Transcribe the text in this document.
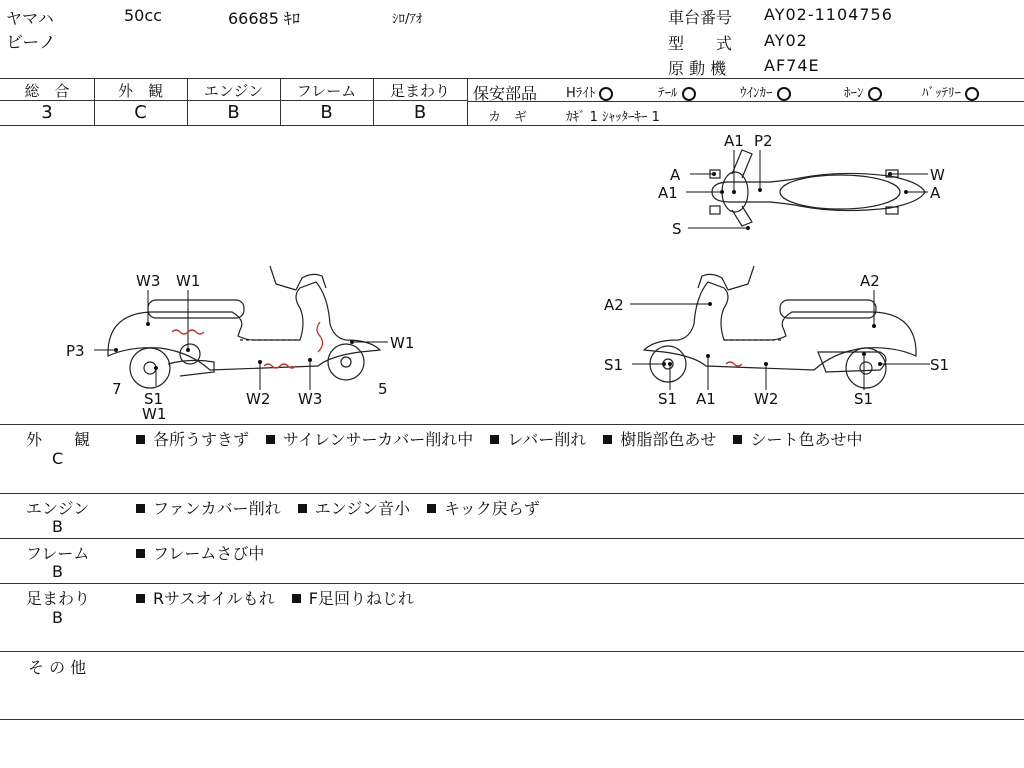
ヤマハ
ビーノ
50cc	66685 ｷﾛ	ｼﾛ/ｱｵ	車台番号 AY02-1104756
型　　式 AY02
原 動 機 AF74E
総　合	外　観	エンジン	フレーム	足まわり
3	C	B	B	B
保安部品 Hﾗｲﾄ	ﾃｰﾙ	ｳｲﾝｶｰ	ﾎｰﾝ	ﾊﾞｯﾃﾘｰ
カ　ギ	ｶｷﾞ 1 ｼｬｯﾀｰｷｰ 1
A1 P2
A
A1
S
W
A
W3 W1
P3	W1
7
S1
W1
W2 W3
5
A2
A2
S1	S1
S1 A1	W2	S1
外　　観
C
各所うすきず サイレンサーカバー削れ中 レバー削れ 樹脂部色あせ シート色あせ中
エンジン
B
ファンカバー削れ エンジン音小 キック戻らず
フレーム
B
フレームさび中
足まわり
B
Rサスオイルもれ F足回りねじれ
そ の 他
